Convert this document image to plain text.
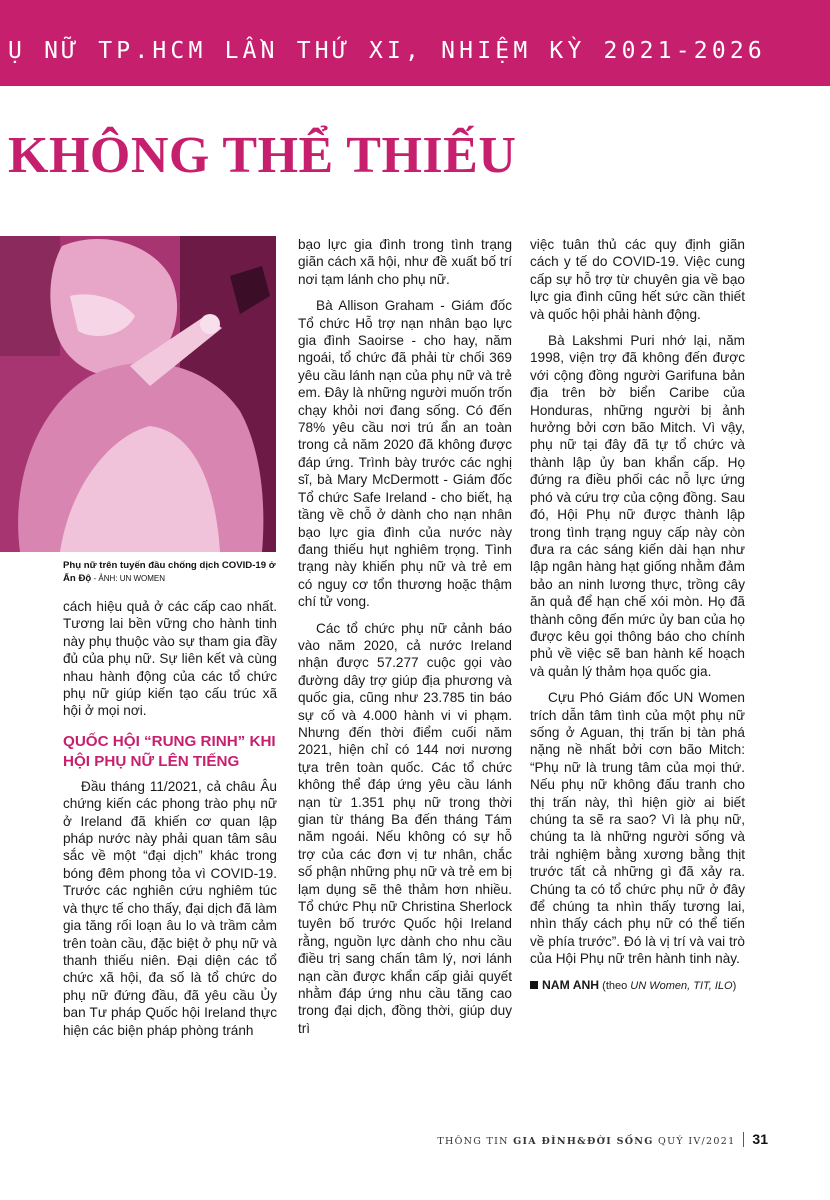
Ụ NỮ TP.HCM LẦN THỨ XI, NHIỆM KỲ 2021-2026
KHÔNG THỂ THIẾU
Phụ nữ trên tuyến đầu chống dịch COVID-19 ở Ấn Độ - ẢNH: UN WOMEN

cách hiệu quả ở các cấp cao nhất. Tương lai bền vững cho hành tinh này phụ thuộc vào sự tham gia đầy đủ của phụ nữ. Sự liên kết và cùng nhau hành động của các tổ chức phụ nữ giúp kiến tạo cấu trúc xã hội ở mọi nơi.

QUỐC HỘI “RUNG RINH” KHI HỘI PHỤ NỮ LÊN TIẾNG

Đầu tháng 11/2021, cả châu Âu chứng kiến các phong trào phụ nữ ở Ireland đã khiến cơ quan lập pháp nước này phải quan tâm sâu sắc về một “đại dịch” khác trong bóng đêm phong tỏa vì COVID-19. Trước các nghiên cứu nghiêm túc và thực tế cho thấy, đại dịch đã làm gia tăng rối loạn âu lo và trầm cảm trên toàn cầu, đặc biệt ở phụ nữ và thanh thiếu niên. Đại diện các tổ chức xã hội, đa số là tổ chức do phụ nữ đứng đầu, đã yêu cầu Ủy ban Tư pháp Quốc hội Ireland thực hiện các biện pháp phòng tránh

bạo lực gia đình trong tình trạng giãn cách xã hội, như đề xuất bố trí nơi tạm lánh cho phụ nữ.

Bà Allison Graham - Giám đốc Tổ chức Hỗ trợ nạn nhân bạo lực gia đình Saoirse - cho hay, năm ngoái, tổ chức đã phải từ chối 369 yêu cầu lánh nạn của phụ nữ và trẻ em. Đây là những người muốn trốn chạy khỏi nơi đang sống. Có đến 78% yêu cầu nơi trú ẩn an toàn trong cả năm 2020 đã không được đáp ứng. Trình bày trước các nghị sĩ, bà Mary McDermott - Giám đốc Tổ chức Safe Ireland - cho biết, hạ tầng về chỗ ở dành cho nạn nhân bạo lực gia đình của nước này đang thiếu hụt nghiêm trọng. Tình trạng này khiến phụ nữ và trẻ em có nguy cơ tổn thương hoặc thậm chí tử vong.

Các tổ chức phụ nữ cảnh báo vào năm 2020, cả nước Ireland nhận được 57.277 cuộc gọi vào đường dây trợ giúp địa phương và quốc gia, cũng như 23.785 tin báo sự cố và 4.000 hành vi vi phạm. Nhưng đến thời điểm cuối năm 2021, hiện chỉ có 144 nơi nương tựa trên toàn quốc. Các tổ chức không thể đáp ứng yêu cầu lánh nạn từ 1.351 phụ nữ trong thời gian từ tháng Ba đến tháng Tám năm ngoái. Nếu không có sự hỗ trợ của các đơn vị tư nhân, chắc số phận những phụ nữ và trẻ em bị lạm dụng sẽ thê thảm hơn nhiều. Tổ chức Phụ nữ Christina Sherlock tuyên bố trước Quốc hội Ireland rằng, nguồn lực dành cho nhu cầu điều trị sang chấn tâm lý, nơi lánh nạn cần được khẩn cấp giải quyết nhằm đáp ứng nhu cầu tăng cao trong đại dịch, đồng thời, giúp duy trì

việc tuân thủ các quy định giãn cách y tế do COVID-19. Việc cung cấp sự hỗ trợ từ chuyên gia về bạo lực gia đình cũng hết sức cần thiết và quốc hội phải hành động.

Bà Lakshmi Puri nhớ lại, năm 1998, viện trợ đã không đến được với cộng đồng người Garifuna bản địa trên bờ biển Caribe của Honduras, những người bị ảnh hưởng bởi cơn bão Mitch. Vì vậy, phụ nữ tại đây đã tự tổ chức và thành lập ủy ban khẩn cấp. Họ đứng ra điều phối các nỗ lực ứng phó và cứu trợ của cộng đồng. Sau đó, Hội Phụ nữ được thành lập trong tình trạng nguy cấp này còn đưa ra các sáng kiến dài hạn như lập ngân hàng hạt giống nhằm đảm bảo an ninh lương thực, trồng cây ăn quả để hạn chế xói mòn. Họ đã thành công đến mức ủy ban của họ được kêu gọi thông báo cho chính phủ về việc sẽ ban hành kế hoạch và quản lý thảm họa quốc gia.

Cựu Phó Giám đốc UN Women trích dẫn tâm tình của một phụ nữ sống ở Aguan, thị trấn bị tàn phá nặng nề nhất bởi cơn bão Mitch: “Phụ nữ là trung tâm của mọi thứ. Nếu phụ nữ không đấu tranh cho thị trấn này, thì hiện giờ ai biết chúng ta sẽ ra sao? Vì là phụ nữ, chúng ta là những người sống và trải nghiệm bằng xương bằng thịt trước tất cả những gì đã xảy ra. Chúng ta có tổ chức phụ nữ ở đây để chúng ta nhìn thấy tương lai, nhìn thấy cách phụ nữ có thể tiến về phía trước”. Đó là vị trí và vai trò của Hội Phụ nữ trên hành tinh này.

NAM ANH (theo UN Women, TIT, ILO)
THÔNG TIN GIA ĐÌNH&ĐỜI SỐNG QUÝ IV/2021 31
